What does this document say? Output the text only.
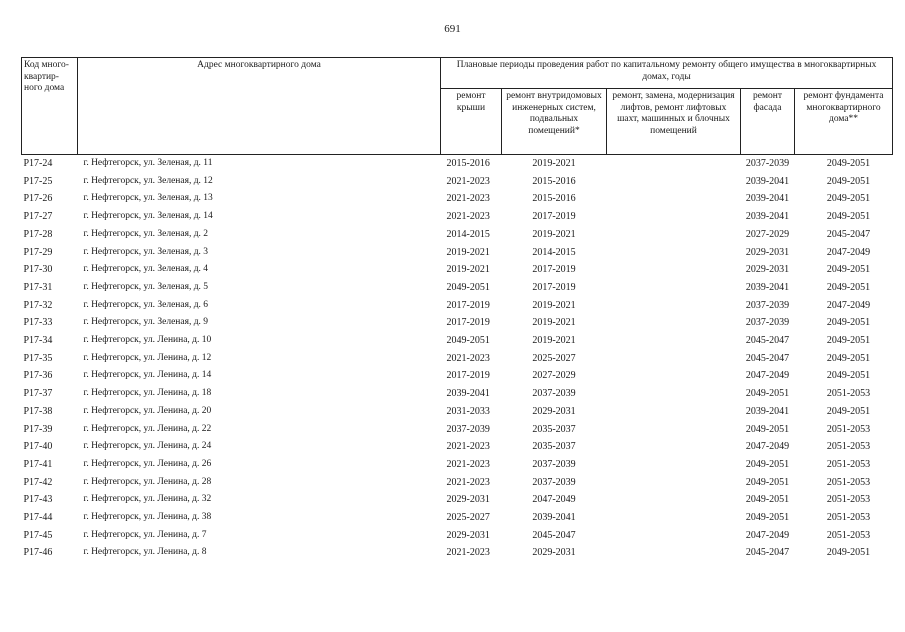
691
Код много-квартир-ного дома	Адрес многоквартирного дома	Плановые периоды проведения работ по капитальному ремонту общего имущества в многоквартирных домах, годы				
		ремонт крыши	ремонт внутридомовых инженерных систем, подвальных помещений*	ремонт, замена, модернизация лифтов, ремонт лифтовых шахт, машинных и блочных помещений	ремонт фасада	ремонт фундамента многоквартирного дома**
Р17-24	г. Нефтегорск, ул. Зеленая, д. 11	2015-2016	2019-2021		2037-2039	2049-2051
Р17-25	г. Нефтегорск, ул. Зеленая, д. 12	2021-2023	2015-2016		2039-2041	2049-2051
Р17-26	г. Нефтегорск, ул. Зеленая, д. 13	2021-2023	2015-2016		2039-2041	2049-2051
Р17-27	г. Нефтегорск, ул. Зеленая, д. 14	2021-2023	2017-2019		2039-2041	2049-2051
Р17-28	г. Нефтегорск, ул. Зеленая, д. 2	2014-2015	2019-2021		2027-2029	2045-2047
Р17-29	г. Нефтегорск, ул. Зеленая, д. 3	2019-2021	2014-2015		2029-2031	2047-2049
Р17-30	г. Нефтегорск, ул. Зеленая, д. 4	2019-2021	2017-2019		2029-2031	2049-2051
Р17-31	г. Нефтегорск, ул. Зеленая, д. 5	2049-2051	2017-2019		2039-2041	2049-2051
Р17-32	г. Нефтегорск, ул. Зеленая, д. 6	2017-2019	2019-2021		2037-2039	2047-2049
Р17-33	г. Нефтегорск, ул. Зеленая, д. 9	2017-2019	2019-2021		2037-2039	2049-2051
Р17-34	г. Нефтегорск, ул. Ленина, д. 10	2049-2051	2019-2021		2045-2047	2049-2051
Р17-35	г. Нефтегорск, ул. Ленина, д. 12	2021-2023	2025-2027		2045-2047	2049-2051
Р17-36	г. Нефтегорск, ул. Ленина, д. 14	2017-2019	2027-2029		2047-2049	2049-2051
Р17-37	г. Нефтегорск, ул. Ленина, д. 18	2039-2041	2037-2039		2049-2051	2051-2053
Р17-38	г. Нефтегорск, ул. Ленина, д. 20	2031-2033	2029-2031		2039-2041	2049-2051
Р17-39	г. Нефтегорск, ул. Ленина, д. 22	2037-2039	2035-2037		2049-2051	2051-2053
Р17-40	г. Нефтегорск, ул. Ленина, д. 24	2021-2023	2035-2037		2047-2049	2051-2053
Р17-41	г. Нефтегорск, ул. Ленина, д. 26	2021-2023	2037-2039		2049-2051	2051-2053
Р17-42	г. Нефтегорск, ул. Ленина, д. 28	2021-2023	2037-2039		2049-2051	2051-2053
Р17-43	г. Нефтегорск, ул. Ленина, д. 32	2029-2031	2047-2049		2049-2051	2051-2053
Р17-44	г. Нефтегорск, ул. Ленина, д. 38	2025-2027	2039-2041		2049-2051	2051-2053
Р17-45	г. Нефтегорск, ул. Ленина, д. 7	2029-2031	2045-2047		2047-2049	2051-2053
Р17-46	г. Нефтегорск, ул. Ленина, д. 8	2021-2023	2029-2031		2045-2047	2049-2051
